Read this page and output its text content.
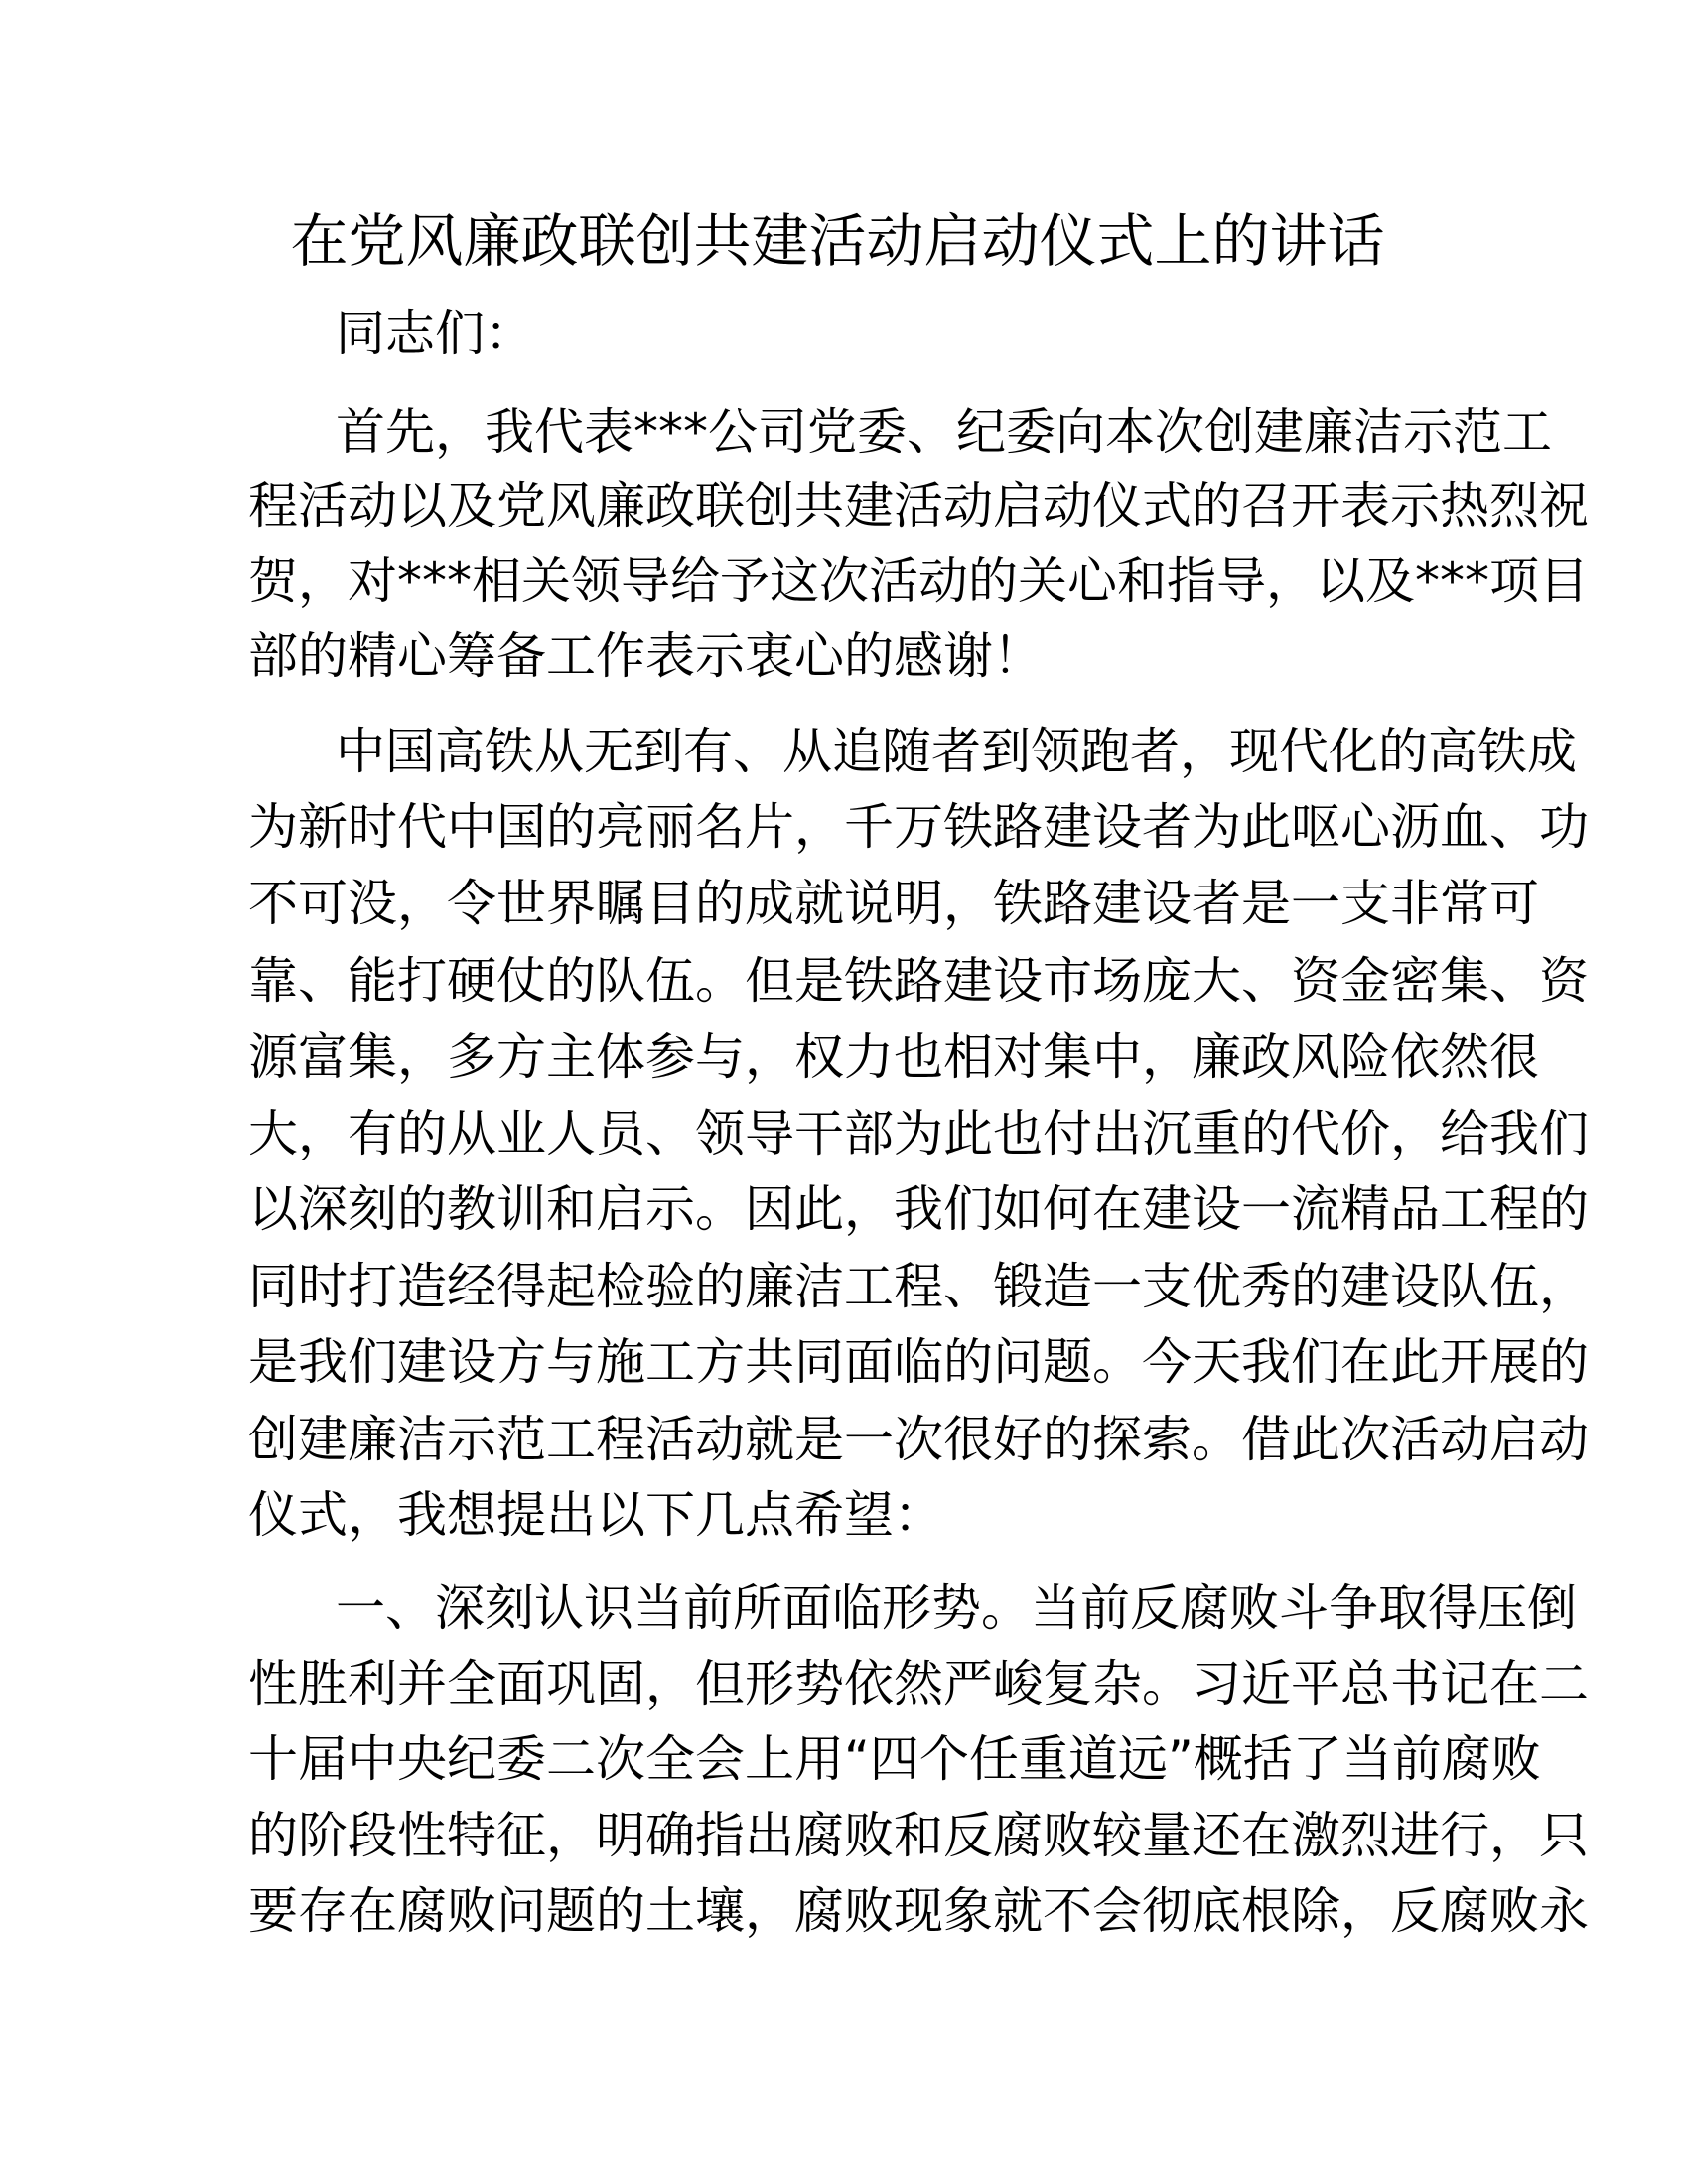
在党风廉政联创共建活动启动仪式上的讲话
同志们：
首先，我代表***公司党委、纪委向本次创建廉洁示范工
程活动以及党风廉政联创共建活动启动仪式的召开表示热烈祝
贺，对***相关领导给予这次活动的关心和指导，以及***项目
部的精心筹备工作表示衷心的感谢！
中国高铁从无到有、从追随者到领跑者，现代化的高铁成
为新时代中国的亮丽名片，千万铁路建设者为此呕心沥血、功
不可没，令世界瞩目的成就说明，铁路建设者是一支非常可
靠、能打硬仗的队伍。但是铁路建设市场庞大、资金密集、资
源富集，多方主体参与，权力也相对集中，廉政风险依然很
大，有的从业人员、领导干部为此也付出沉重的代价，给我们
以深刻的教训和启示。因此，我们如何在建设一流精品工程的
同时打造经得起检验的廉洁工程、锻造一支优秀的建设队伍，
是我们建设方与施工方共同面临的问题。今天我们在此开展的
创建廉洁示范工程活动就是一次很好的探索。借此次活动启动
仪式，我想提出以下几点希望：
一、深刻认识当前所面临形势。当前反腐败斗争取得压倒
性胜利并全面巩固，但形势依然严峻复杂。习近平总书记在二
十届中央纪委二次全会上用“四个任重道远”概括了当前腐败
的阶段性特征，明确指出腐败和反腐败较量还在激烈进行，只
要存在腐败问题的土壤，腐败现象就不会彻底根除，反腐败永
